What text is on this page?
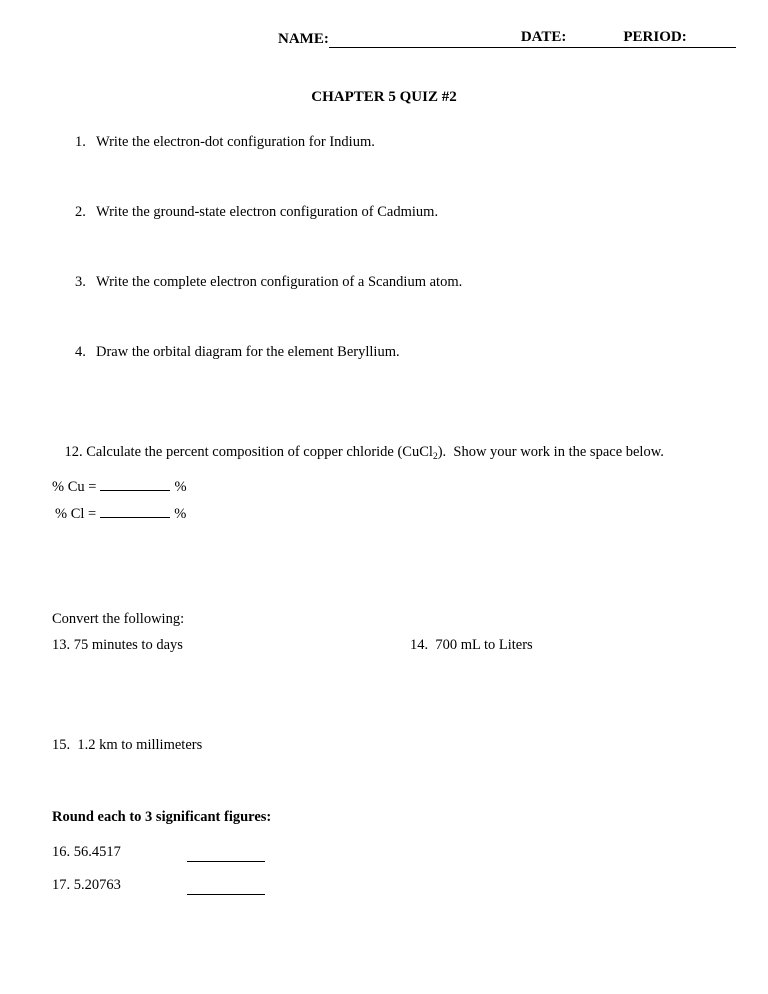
NAME:	DATE:	PERIOD:
CHAPTER 5 QUIZ #2
1. Write the electron-dot configuration for Indium.
2. Write the ground-state electron configuration of Cadmium.
3. Write the complete electron configuration of a Scandium atom.
4. Draw the orbital diagram for the element Beryllium.

12. Calculate the percent composition of copper chloride (CuCl$_2$).  Show your work in the space below.

% Cu =	%
% Cl =	%
Convert the following:
13. 75 minutes to days	14.  700 mL to Liters
15.  1.2 km to millimeters
Round each to 3 significant figures:
16. 56.4517
17. 5.20763
